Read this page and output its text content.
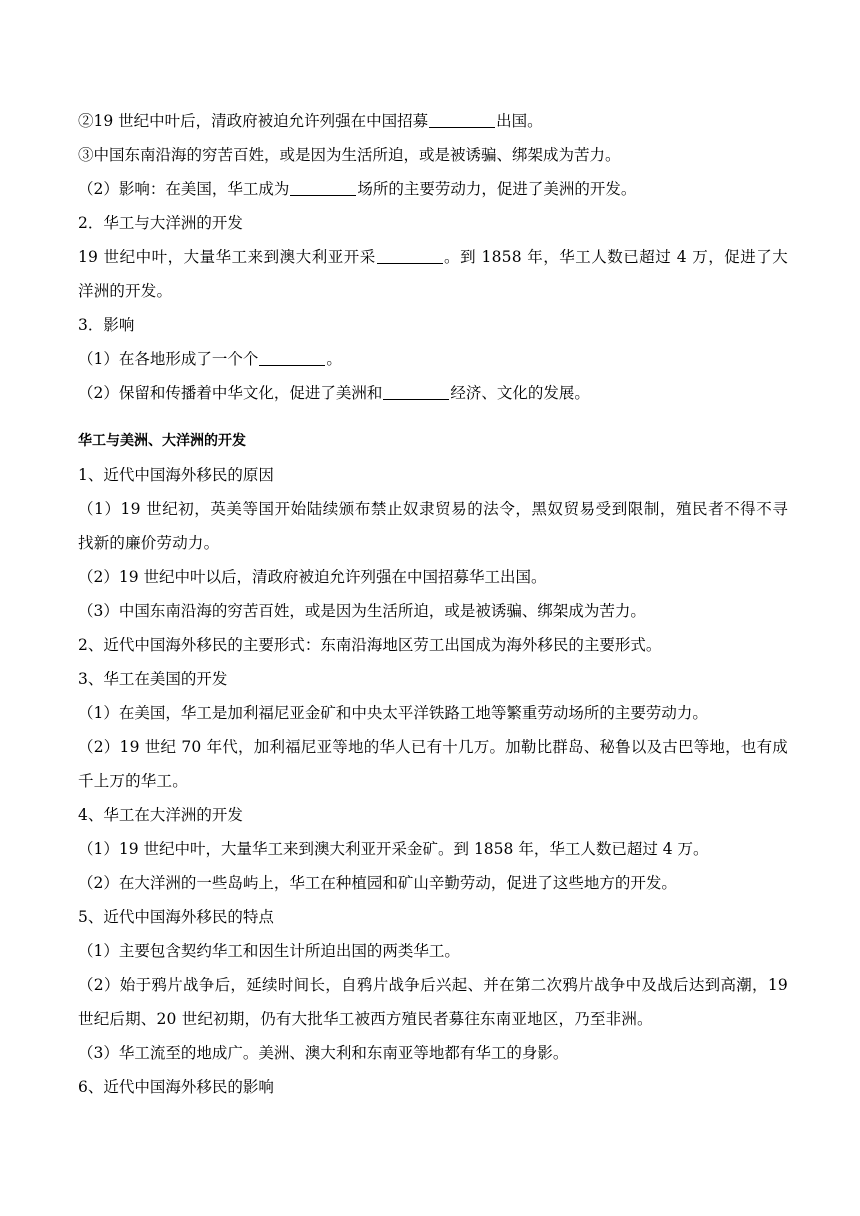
②19 世纪中叶后，清政府被迫允许列强在中国招募	出国。
③中国东南沿海的穷苦百姓，或是因为生活所迫，或是被诱骗、绑架成为苦力。
（2）影响：在美国，华工成为	场所的主要劳动力，促进了美洲的开发。
2．华工与大洋洲的开发
19 世纪中叶，大量华工来到澳大利亚开采	。到 1858 年，华工人数已超过 4 万，促进了大洋洲的开发。
3．影响
（1）在各地形成了一个个	。
（2）保留和传播着中华文化，促进了美洲和	经济、文化的发展。
华工与美洲、大洋洲的开发
1、近代中国海外移民的原因
（1）19 世纪初，英美等国开始陆续颁布禁止奴隶贸易的法令，黑奴贸易受到限制，殖民者不得不寻找新的廉价劳动力。
（2）19 世纪中叶以后，清政府被迫允许列强在中国招募华工出国。
（3）中国东南沿海的穷苦百姓，或是因为生活所迫，或是被诱骗、绑架成为苦力。
2、近代中国海外移民的主要形式：东南沿海地区劳工出国成为海外移民的主要形式。
3、华工在美国的开发
（1）在美国，华工是加利福尼亚金矿和中央太平洋铁路工地等繁重劳动场所的主要劳动力。
（2）19 世纪 70 年代，加利福尼亚等地的华人已有十几万。加勒比群岛、秘鲁以及古巴等地，也有成千上万的华工。
4、华工在大洋洲的开发
（1）19 世纪中叶，大量华工来到澳大利亚开采金矿。到 1858 年，华工人数已超过 4 万。
（2）在大洋洲的一些岛屿上，华工在种植园和矿山辛勤劳动，促进了这些地方的开发。
5、近代中国海外移民的特点
（1）主要包含契约华工和因生计所迫出国的两类华工。
（2）始于鸦片战争后，延续时间长，自鸦片战争后兴起、并在第二次鸦片战争中及战后达到高潮，19 世纪后期、20 世纪初期，仍有大批华工被西方殖民者募往东南亚地区，乃至非洲。
（3）华工流至的地成广。美洲、澳大利和东南亚等地都有华工的身影。
6、近代中国海外移民的影响
